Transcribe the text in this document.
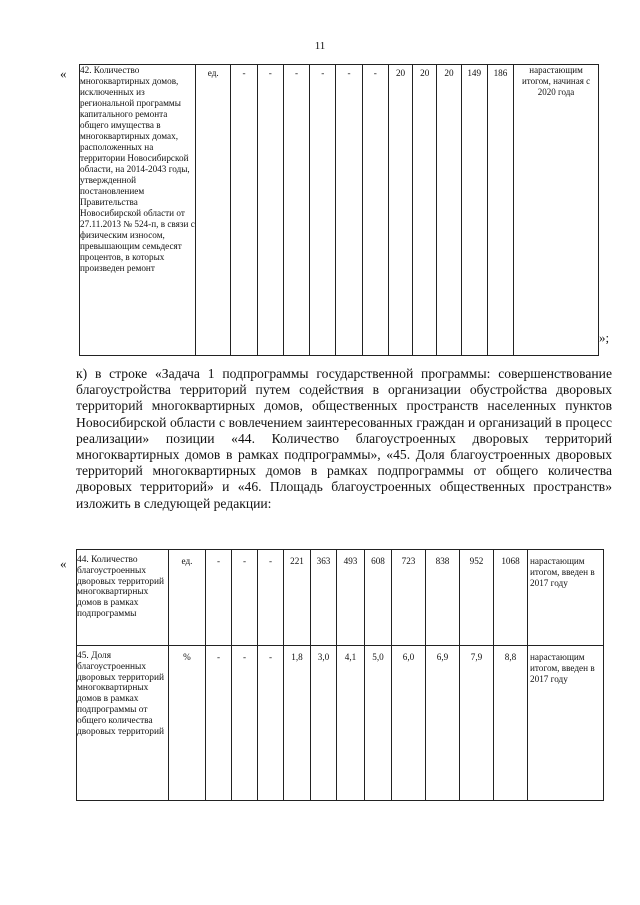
11
« 42. Количество многоквартирных домов, исключенных из региональной программы капитального ремонта общего имущества в многоквартирных домах, расположенных на территории Новосибирской области, на 2014-2043 годы, утвержденной постановлением Правительства Новосибирской области от 27.11.2013 № 524-п, в связи с физическим износом, превышающим семьдесят процентов, в которых произведен ремонт	ед.	-	-	-	-	-	-	20	20	20	149	186	нарастающим итогом, начиная с 2020 года
»;
к) в строке «Задача 1 подпрограммы государственной программы: совершенствование благоустройства территорий путем содействия в организации обустройства дворовых территорий многоквартирных домов, общественных пространств населенных пунктов Новосибирской области с вовлечением заинтересованных граждан и организаций в процесс реализации» позиции «44. Количество благоустроенных дворовых территорий многоквартирных домов в рамках подпрограммы», «45. Доля благоустроенных дворовых территорий многоквартирных домов в рамках подпрограммы от общего количества дворовых территорий» и «46. Площадь благоустроенных общественных пространств» изложить в следующей редакции:
« 44. Количество благоустроенных дворовых территорий многоквартирных домов в рамках подпрограммы	ед.	-	-	-	221	363	493	608	723	838	952	1068	нарастающим итогом, введен в 2017 году
45. Доля благоустроенных дворовых территорий многоквартирных домов в рамках подпрограммы от общего количества дворовых территорий	%	-	-	-	1,8	3,0	4,1	5,0	6,0	6,9	7,9	8,8	нарастающим итогом, введен в 2017 году
